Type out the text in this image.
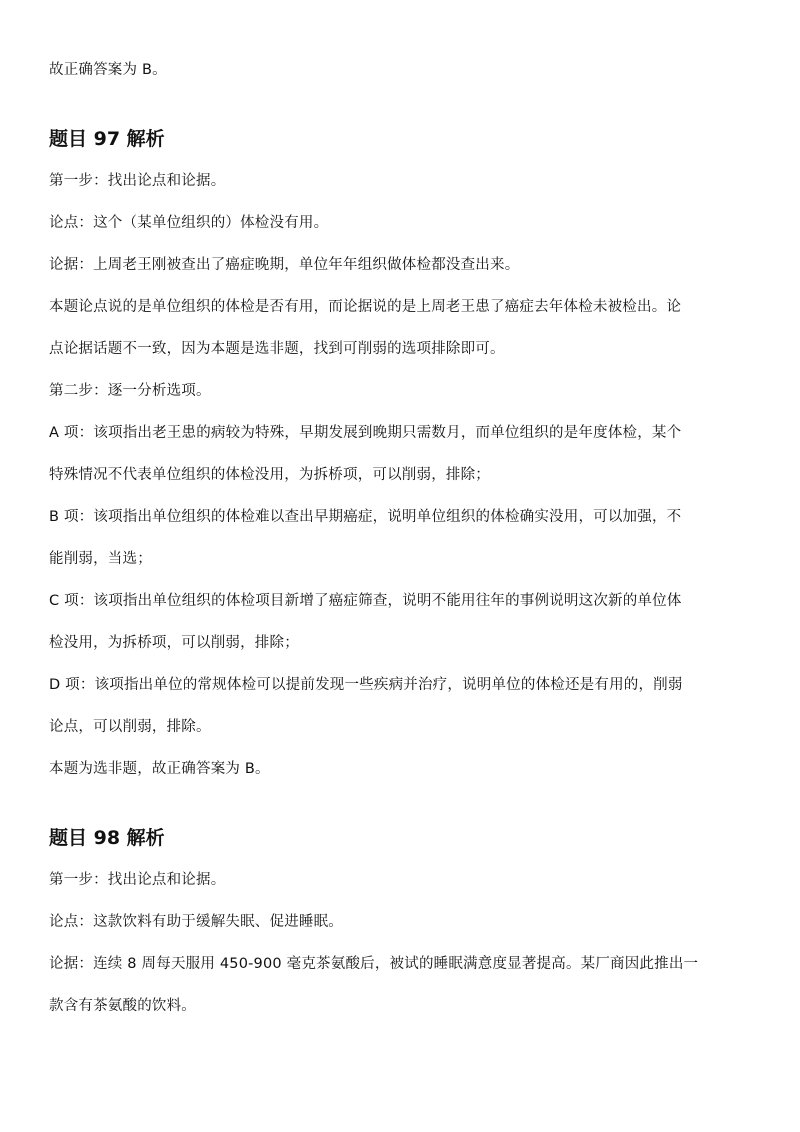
故正确答案为 B。

题目 97 解析

第一步：找出论点和论据。

论点：这个（某单位组织的）体检没有用。

论据：上周老王刚被查出了癌症晚期，单位年年组织做体检都没查出来。

本题论点说的是单位组织的体检是否有用，而论据说的是上周老王患了癌症去年体检未被检出。论

点论据话题不一致，因为本题是选非题，找到可削弱的选项排除即可。

第二步：逐一分析选项。

A 项：该项指出老王患的病较为特殊，早期发展到晚期只需数月，而单位组织的是年度体检，某个

特殊情况不代表单位组织的体检没用，为拆桥项，可以削弱，排除；

B 项：该项指出单位组织的体检难以查出早期癌症，说明单位组织的体检确实没用，可以加强，不

能削弱，当选；

C 项：该项指出单位组织的体检项目新增了癌症筛查，说明不能用往年的事例说明这次新的单位体

检没用，为拆桥项，可以削弱，排除；

D 项：该项指出单位的常规体检可以提前发现一些疾病并治疗，说明单位的体检还是有用的，削弱

论点，可以削弱，排除。

本题为选非题，故正确答案为 B。

题目 98 解析

第一步：找出论点和论据。

论点：这款饮料有助于缓解失眠、促进睡眠。

论据：连续 8 周每天服用 450-900 毫克茶氨酸后，被试的睡眠满意度显著提高。某厂商因此推出一

款含有茶氨酸的饮料。
